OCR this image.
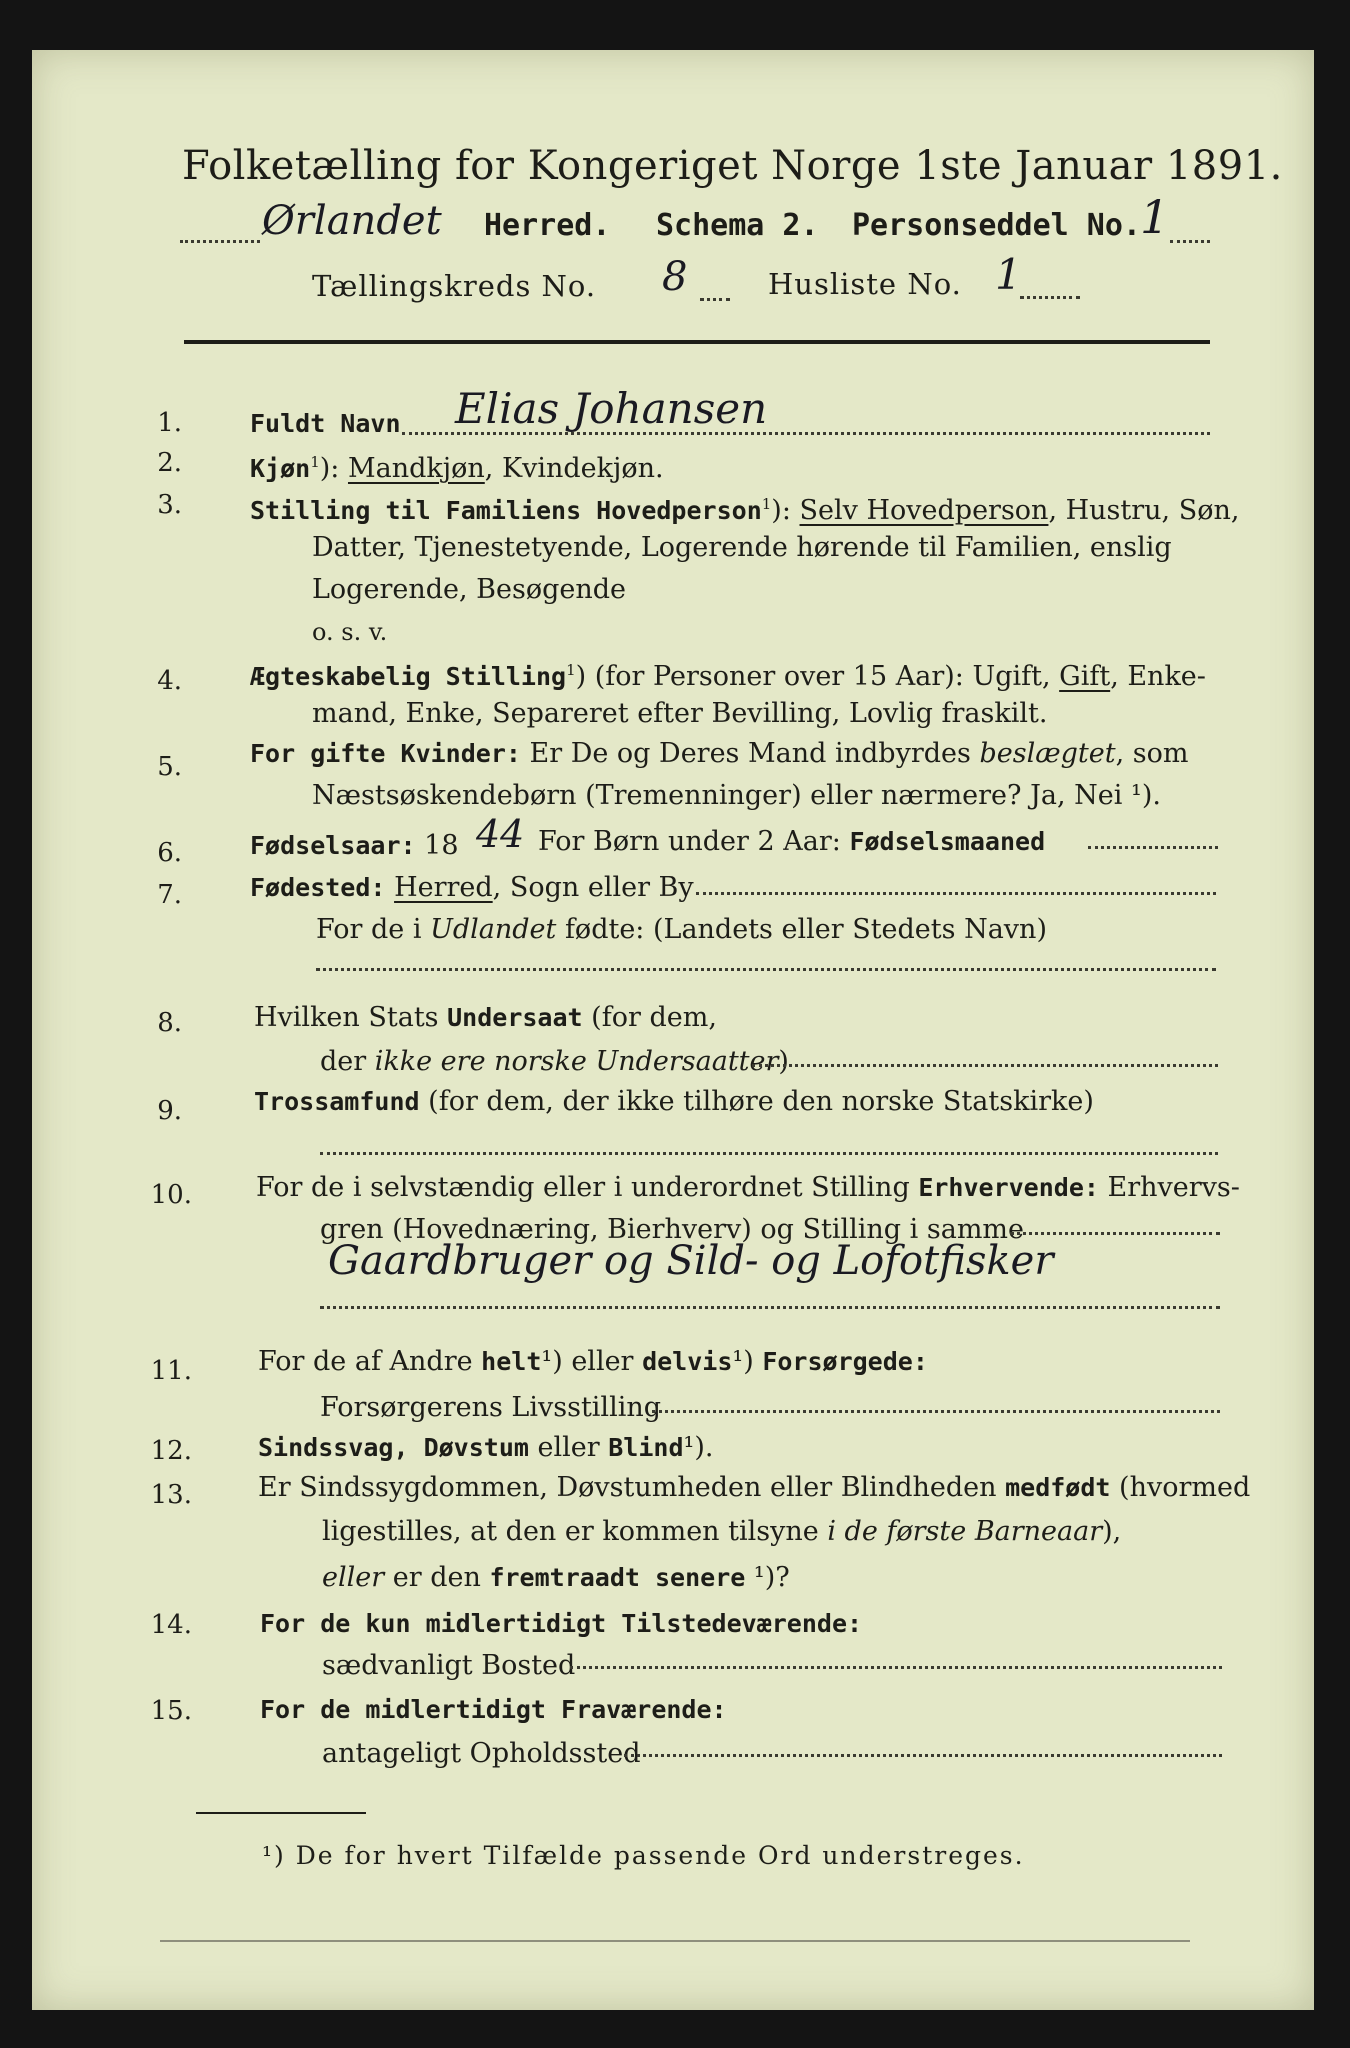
Folketælling for Kongeriget Norge 1ste Januar 1891.
Ørlandet Herred. Schema 2. Personseddel No. 1
Tællingskreds No. 8	Husliste No. 1
1.	Fuldt Navn Elias Johansen
2.	Kjøn$^1$): Mandkjøn, Kvindekjøn.
3.	Stilling til Familiens Hovedperson$^1$): Selv Hovedperson, Hustru, Søn,
Datter, Tjenestetyende, Logerende hørende til Familien, enslig
Logerende, Besøgende
o. s. v.
4.	Ægteskabelig Stilling$^1$) (for Personer over 15 Aar): Ugift, Gift, Enke-
mand, Enke, Separeret efter Bevilling, Lovlig fraskilt.
5.	For gifte Kvinder: Er De og Deres Mand indbyrdes beslægtet, som
Næstsøskendebørn (Tremenninger) eller nærmere? Ja, Nei ¹).
6.	Fødselsaar: 18 44 For Børn under 2 Aar: Fødselsmaaned
7.	Fødested: Herred, Sogn eller By
For de i Udlandet fødte: (Landets eller Stedets Navn)
8.	Hvilken Stats Undersaat (for dem,
der ikke ere norske Undersaatter)
9.	Trossamfund (for dem, der ikke tilhøre den norske Statskirke)
10. For de i selvstændig eller i underordnet Stilling Erhvervende: Erhvervs-
gren (Hovednæring, Bierhverv) og Stilling i samme
Gaardbruger og Sild- og Lofotfisker
11. For de af Andre helt¹) eller delvis¹) Forsørgede:
Forsørgerens Livsstilling
12.	Sindssvag, Døvstum eller Blind¹).
13. Er Sindssygdommen, Døvstumheden eller Blindheden medfødt (hvormed
ligestilles, at den er kommen tilsyne i de første Barneaar),
eller er den fremtraadt senere ¹)?
14.	For de kun midlertidigt Tilstedeværende:
sædvanligt Bosted
15.	For de midlertidigt Fraværende:
antageligt Opholdssted
¹) De for hvert Tilfælde passende Ord understreges.
